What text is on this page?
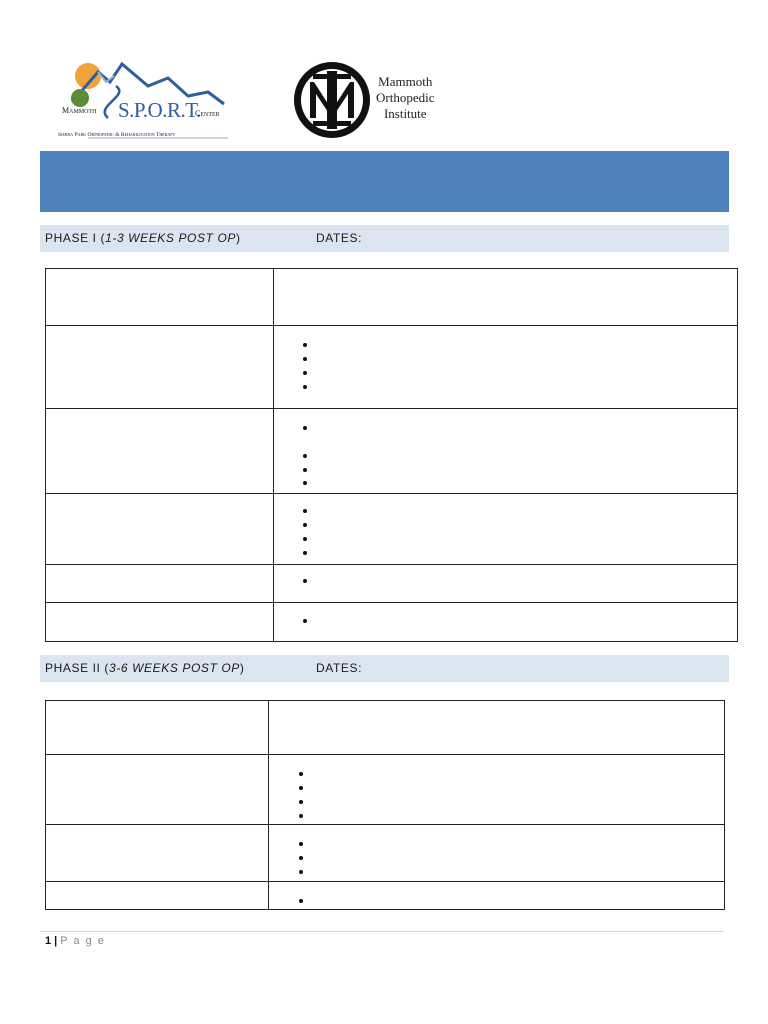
Mammoth S.P.O.R.T.
Center
Sierra Park Orthopedic & Rehabilitation Therapy
Mammoth
Orthopedic
Institute
PHASE I (1-3 WEEKS POST OP)	DATES:

PHASE II (3-6 WEEKS POST OP)	DATES:

1 | P a g e
